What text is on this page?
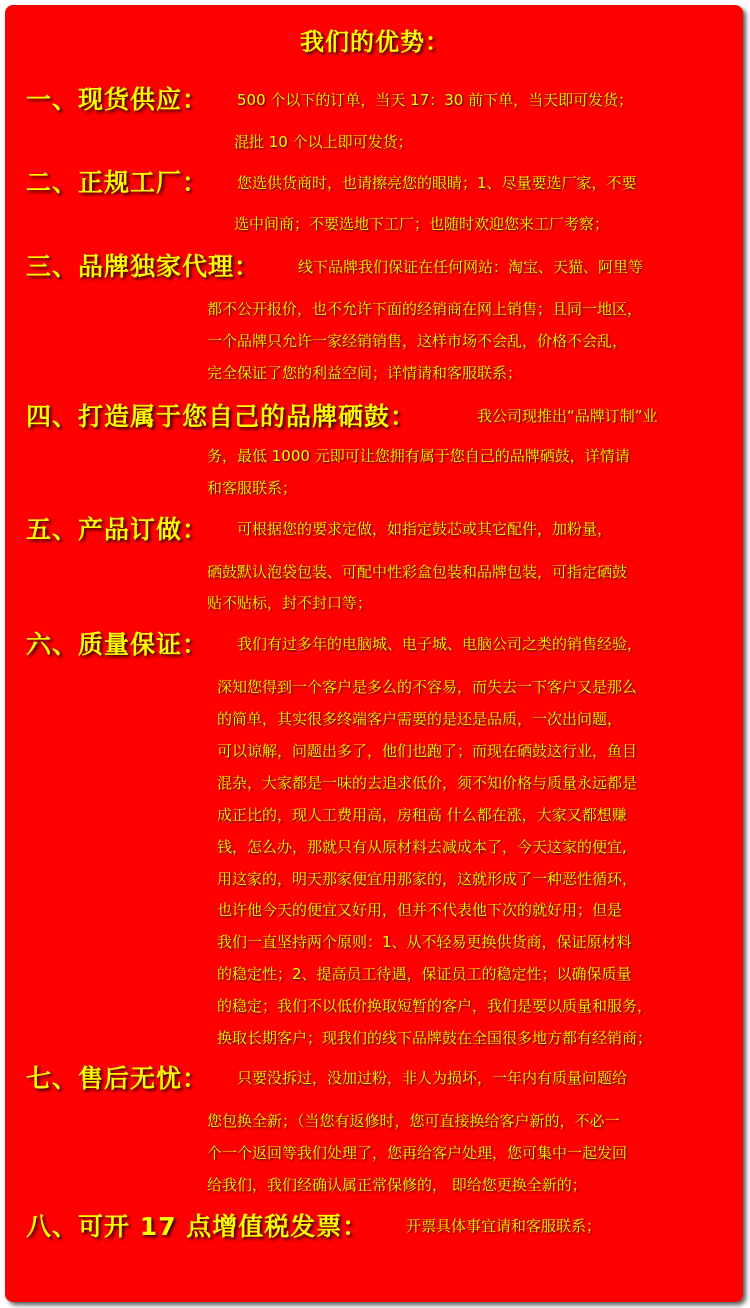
我们的优势：
一、现货供应： 500 个以下的订单，当天 17：30 前下单，当天即可发货；
混批 10 个以上即可发货；
二、正规工厂： 您选供货商时，也请擦亮您的眼睛；1、尽量要选厂家，不要
选中间商；不要选地下工厂；也随时欢迎您来工厂考察；
三、品牌独家代理：	线下品牌我们保证在任何网站：淘宝、天猫、阿里等
都不公开报价，也不允许下面的经销商在网上销售；且同一地区，
一个品牌只允许一家经销销售，这样市场不会乱，价格不会乱，
完全保证了您的利益空间；详情请和客服联系；
四、打造属于您自己的品牌硒鼓：	我公司现推出“品牌订制”业
务，最低 1000 元即可让您拥有属于您自己的品牌硒鼓，详情请
和客服联系；
五、产品订做： 可根据您的要求定做，如指定鼓芯或其它配件，加粉量，
硒鼓默认泡袋包装、可配中性彩盒包装和品牌包装，可指定硒鼓
贴不贴标，封不封口等；
六、质量保证： 我们有过多年的电脑城、电子城、电脑公司之类的销售经验，
深知您得到一个客户是多么的不容易，而失去一下客户又是那么
的简单，其实很多终端客户需要的是还是品质，一次出问题，
可以谅解，问题出多了，他们也跑了；而现在硒鼓这行业，鱼目
混杂，大家都是一味的去追求低价，须不知价格与质量永远都是
成正比的，现人工费用高，房租高 什么都在涨，大家又都想赚
钱，怎么办，那就只有从原材料去减成本了，今天这家的便宜,
用这家的，明天那家便宜用那家的，这就形成了一种恶性循环，
也许他今天的便宜又好用，但并不代表他下次的就好用；但是
我们一直坚持两个原则：1、从不轻易更换供货商，保证原材料
的稳定性；2、提高员工待遇，保证员工的稳定性；以确保质量
的稳定；我们不以低价换取短暂的客户，我们是要以质量和服务，
换取长期客户；现我们的线下品牌鼓在全国很多地方都有经销商；
七、售后无忧： 只要没拆过，没加过粉，非人为损坏，一年内有质量问题给
您包换全新；（当您有返修时，您可直接换给客户新的，不必一
个一个返回等我们处理了，您再给客户处理，您可集中一起发回
给我们，我们经确认属正常保修的， 即给您更换全新的；
八、可开 17 点增值税发票：	开票具体事宜请和客服联系；
